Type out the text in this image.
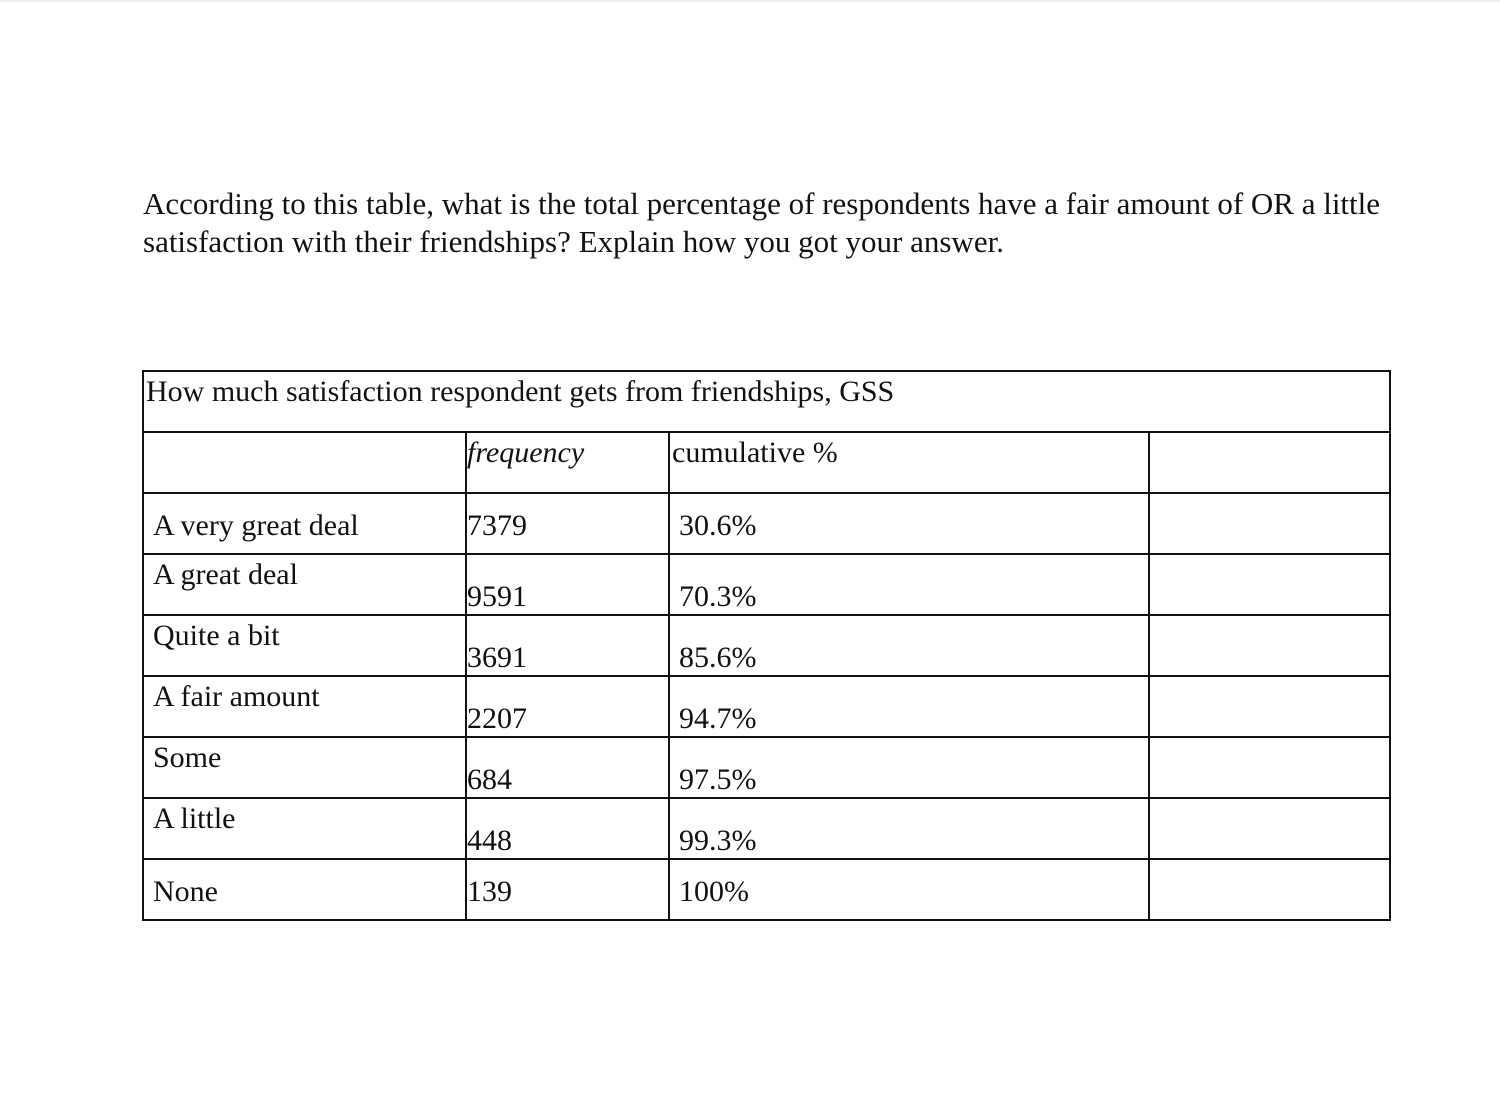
According to this table, what is the total percentage of respondents have a fair amount of OR a little satisfaction with their friendships? Explain how you got your answer.

How much satisfaction respondent gets from friendships, GSS			
	frequency	cumulative %	

A very great deal	7379	30.6%	

A great deal	9591	70.3%	

Quite a bit	3691	85.6%	

A fair amount	2207	94.7%	

Some	684	97.5%	

A little	448	99.3%	

None	139	100%	
